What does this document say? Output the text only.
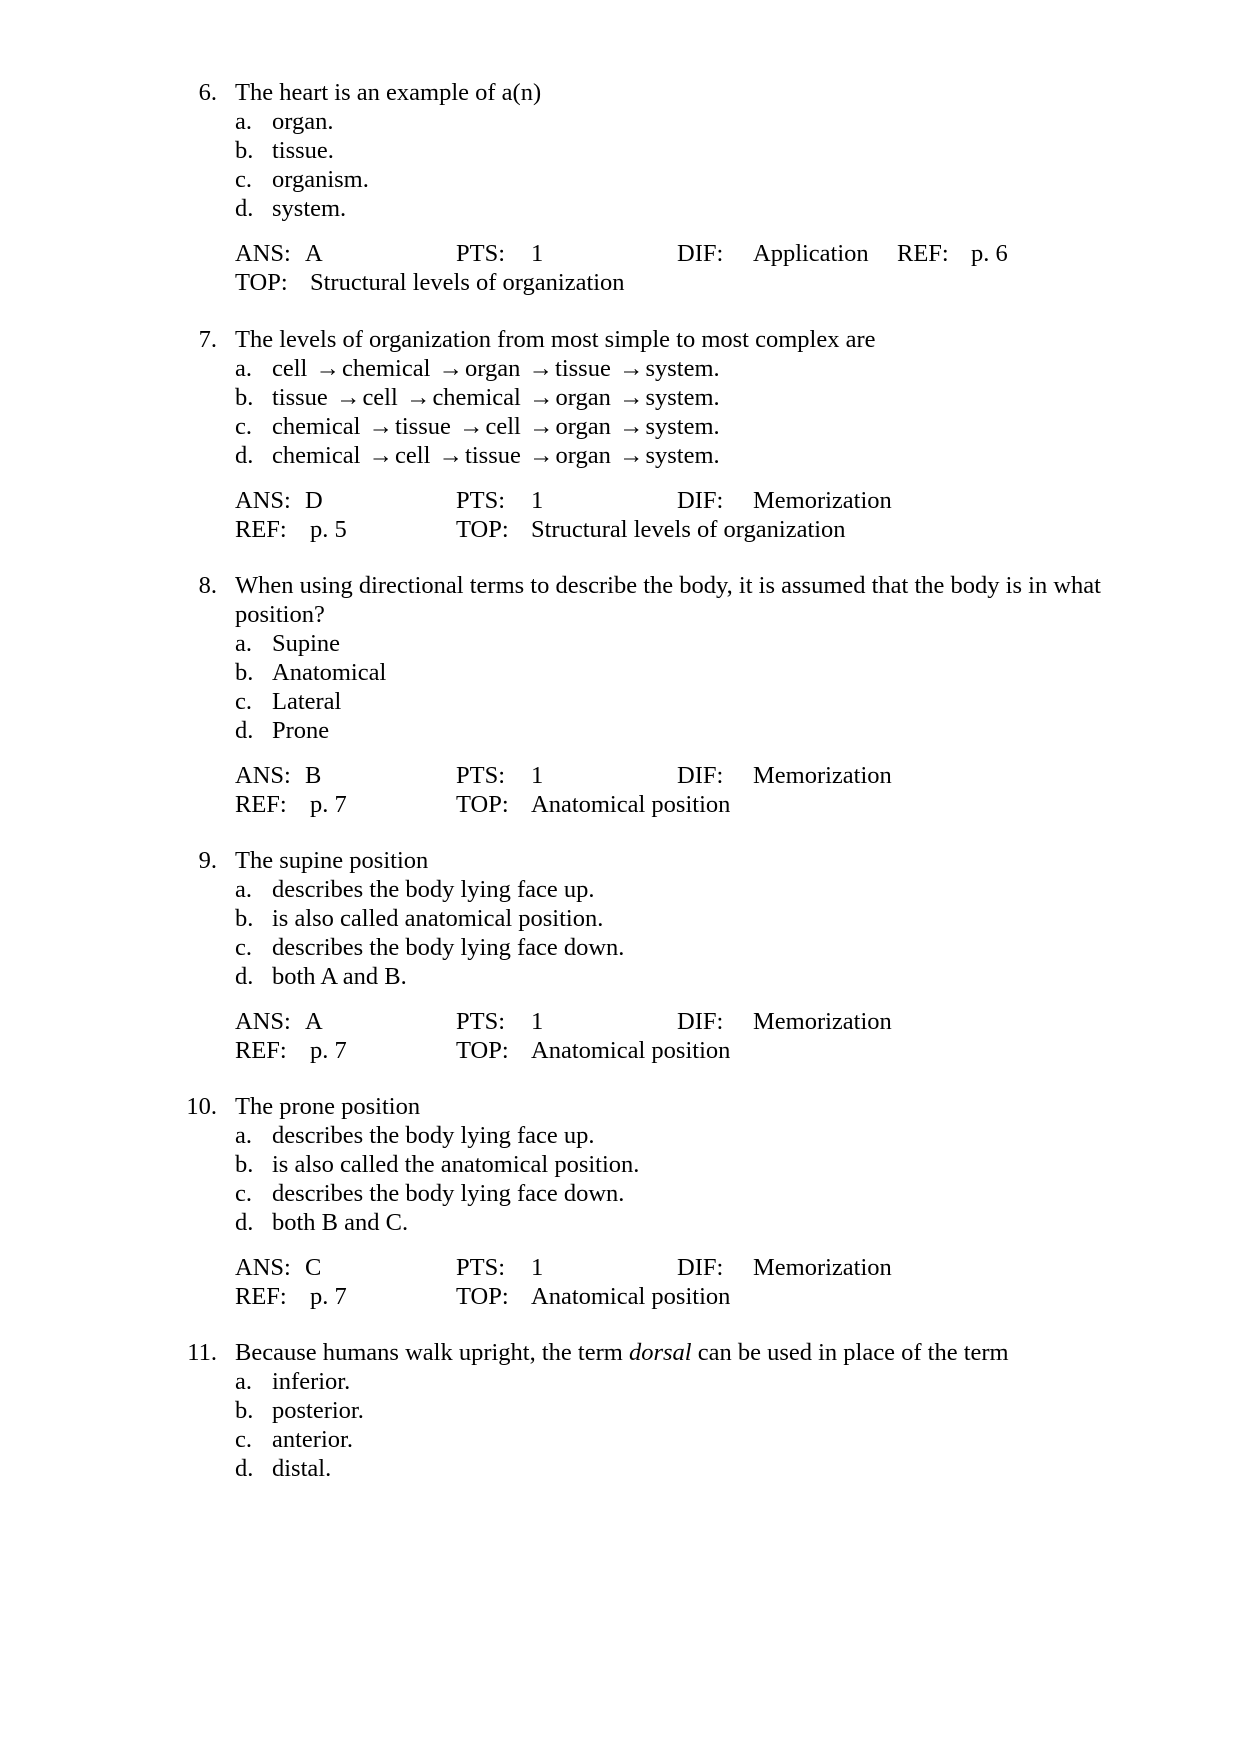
6. The heart is an example of a(n)
a. organ.
b. tissue.
c. organism.
d. system.
ANS: A	PTS: 1	DIF: Application REF: p. 6
TOP: Structural levels of organization
7. The levels of organization from most simple to most complex are
a. cell →chemical →organ →tissue →system.
b. tissue →cell →chemical →organ →system.
c. chemical →tissue →cell →organ →system.
d. chemical →cell →tissue →organ →system.
ANS: D	PTS: 1	DIF: Memorization
REF: p. 5	TOP: Structural levels of organization
8. When using directional terms to describe the body, it is assumed that the body is in what
position?
a. Supine
b. Anatomical
c. Lateral
d. Prone
ANS: B	PTS: 1	DIF: Memorization
REF: p. 7	TOP: Anatomical position
9. The supine position
a. describes the body lying face up.
b. is also called anatomical position.
c. describes the body lying face down.
d. both A and B.
ANS: A	PTS: 1	DIF: Memorization
REF: p. 7	TOP: Anatomical position
10. The prone position
a. describes the body lying face up.
b. is also called the anatomical position.
c. describes the body lying face down.
d. both B and C.
ANS: C	PTS: 1	DIF: Memorization
REF: p. 7	TOP: Anatomical position
11. Because humans walk upright, the term dorsal can be used in place of the term
a. inferior.
b. posterior.
c. anterior.
d. distal.
